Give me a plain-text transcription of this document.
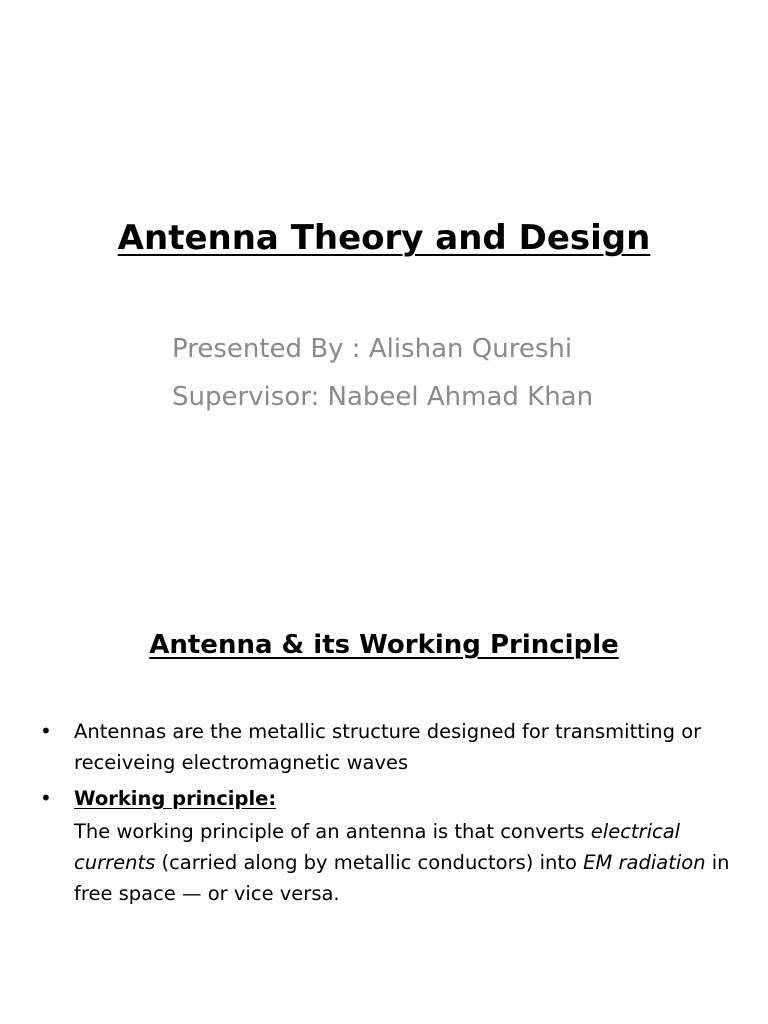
Antenna Theory and Design
Presented By : Alishan Qureshi
Supervisor: Nabeel Ahmad Khan
Antenna & its Working Principle
•	Antennas are the metallic structure designed for transmitting or receiveing electromagnetic waves
•	Working principle:
The working principle of an antenna is that converts electrical currents (carried along by metallic conductors) into EM radiation in free space — or vice versa.
